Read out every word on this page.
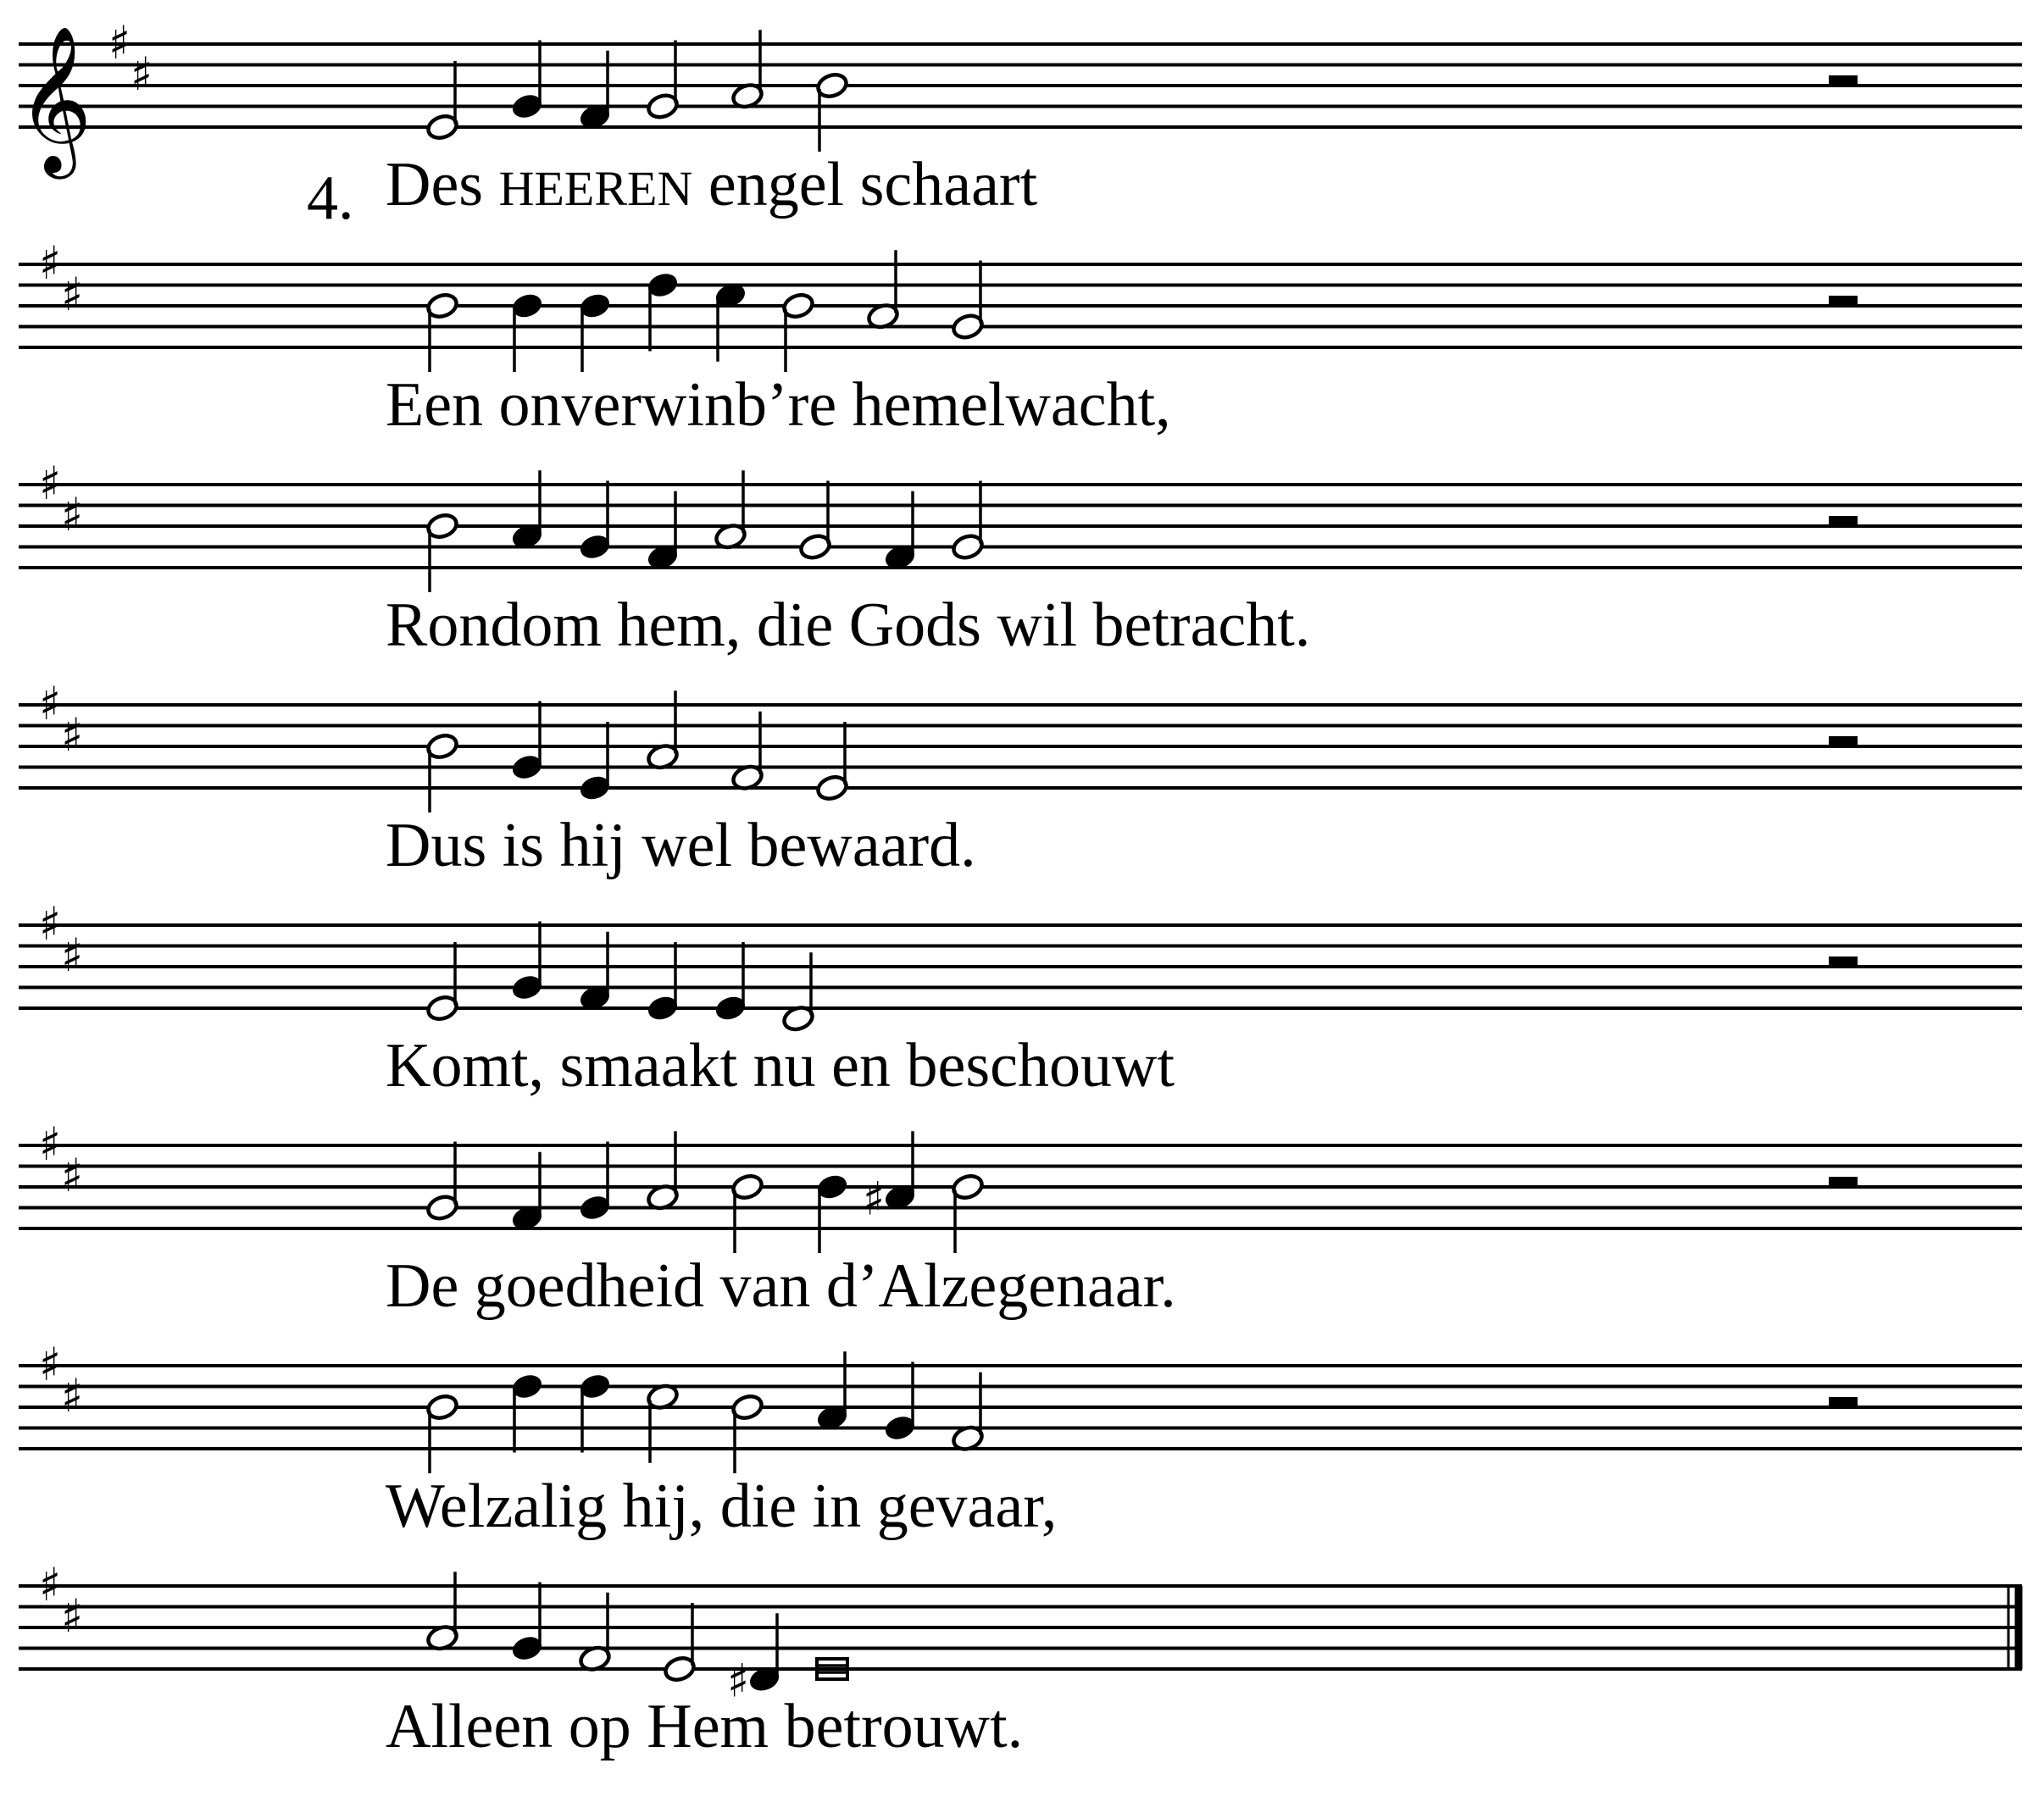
𝄞 ♯
♯
Des HEEREN engel schaart
♯
♯
Een onverwinb’re hemelwacht,
♯
♯
Rondom hem, die Gods wil betracht.
♯
♯
Dus is hij wel bewaard.
♯
♯
Komt, smaakt nu en beschouwt
♯
♯	♯
De goedheid van d’Alzegenaar.
♯
♯
Welzalig hij, die in gevaar,
♯
♯
♯
Alleen op Hem betrouwt.
4.
